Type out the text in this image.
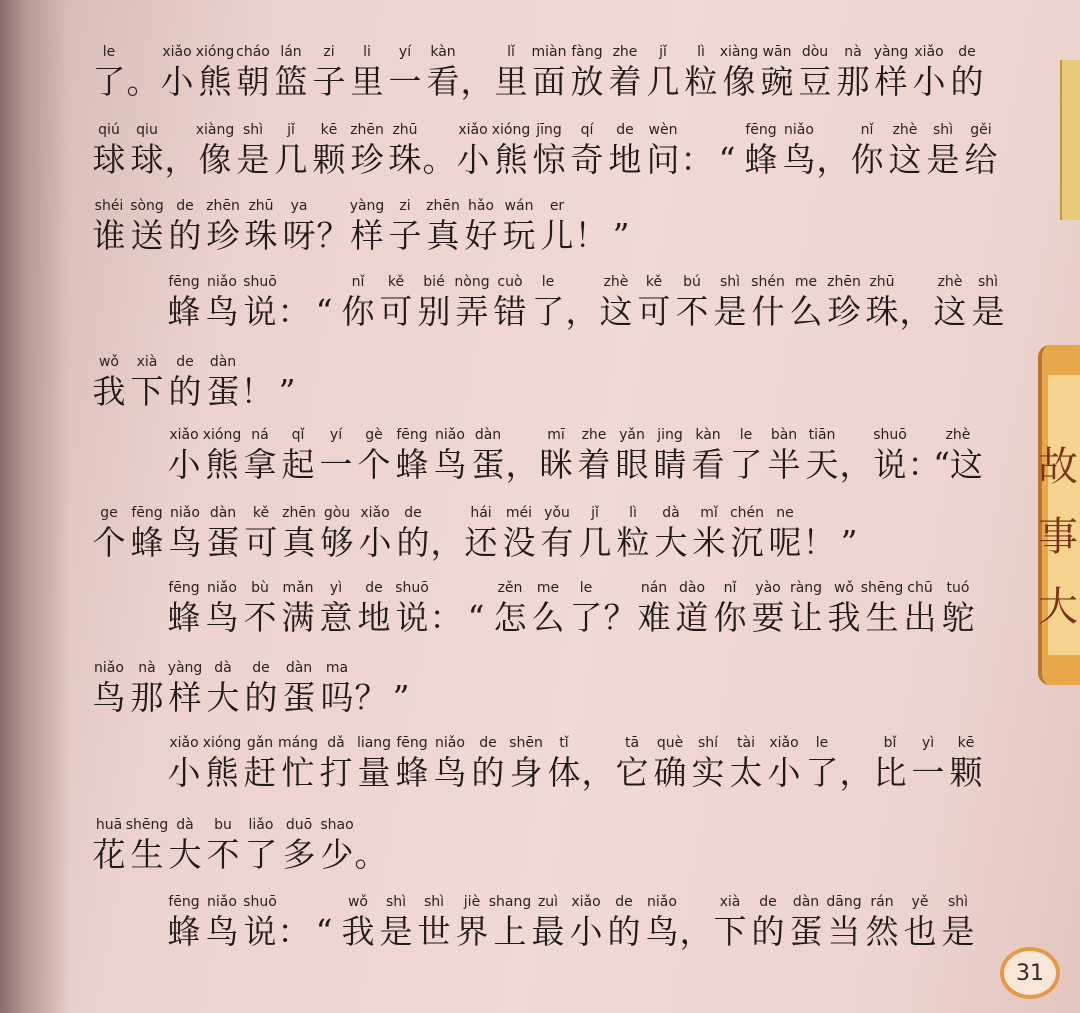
le
了 。
xiǎo
小
xióng
熊
cháo
朝
lán
篮
zi
子
li
里
yí
一
kàn
看 ，
lǐ
里
miàn
面
fàng
放
zhe
着
jǐ
几
lì
粒
xiàng
像
wān
豌
dòu
豆
nà
那
yàng
样
xiǎo
小
de
的
qiú
球
qiu
球 ，
xiàng
像
shì
是
jǐ
几
kē
颗
zhēn
珍
zhū
珠 。
xiǎo
小
xióng
熊
jīng
惊
qí
奇
de
地
wèn
问 ： “
fēng
蜂
niǎo
鸟 ，
nǐ
你
zhè
这
shì
是
gěi
给
shéi
谁
sòng
送
de
的
zhēn
珍
zhū
珠
ya
呀 ？
yàng
样
zi
子
zhēn
真
hǎo
好
wán
玩
er
儿 ！ ”
fēng
蜂
niǎo
鸟
shuō
说 ： “
nǐ
你
kě
可
bié
别
nòng
弄
cuò
错
le
了 ，
zhè
这
kě
可
bú
不
shì
是
shén
什
me
么
zhēn
珍
zhū
珠 ，
zhè
这
shì
是
wǒ
我
xià
下
de
的
dàn
蛋 ！ ”
xiǎo
小
xióng
熊
ná
拿
qǐ
起
yí
一
gè
个
fēng
蜂
niǎo
鸟
dàn
蛋 ，
mī
眯
zhe
着
yǎn
眼
jing
睛
kàn
看
le
了
bàn
半
tiān
天 ，
shuō
说 ：
zhè
“这
ge
个
fēng
蜂
niǎo
鸟
dàn
蛋
kě
可
zhēn
真
gòu
够
xiǎo
小
de
的 ，
hái
还
méi
没
yǒu
有
jǐ
几
lì
粒
dà
大
mǐ
米
chén
沉
ne
呢 ！ ”
fēng
蜂
niǎo
鸟
bù
不
mǎn
满
yì
意
de
地
shuō
说 ： “
zěn
怎
me
么
le
了 ？
nán
难
dào
道
nǐ
你
yào
要
ràng
让
wǒ
我
shēng
生
chū
出
tuó
鸵
niǎo
鸟
nà
那
yàng
样
dà
大
de
的
dàn
蛋
ma
吗 ？ ”
xiǎo
小
xióng
熊
gǎn
赶
máng
忙
dǎ
打
liang
量
fēng
蜂
niǎo
鸟
de
的
shēn
身
tǐ
体 ，
tā
它
què
确
shí
实
tài
太
xiǎo
小
le
了 ，
bǐ
比
yì
一
kē
颗
huā
花
shēng
生
dà
大
bu
不
liǎo
了
duō
多
shao
少 。
fēng
蜂
niǎo
鸟
shuō
说 ： “
wǒ
我
shì
是
shì
世
jiè
界
shang
上
zuì
最
xiǎo
小
de
的
niǎo
鸟 ，
xià
下
de
的
dàn
蛋
dāng
当
rán
然
yě
也
shì
是
故
事
大
31
